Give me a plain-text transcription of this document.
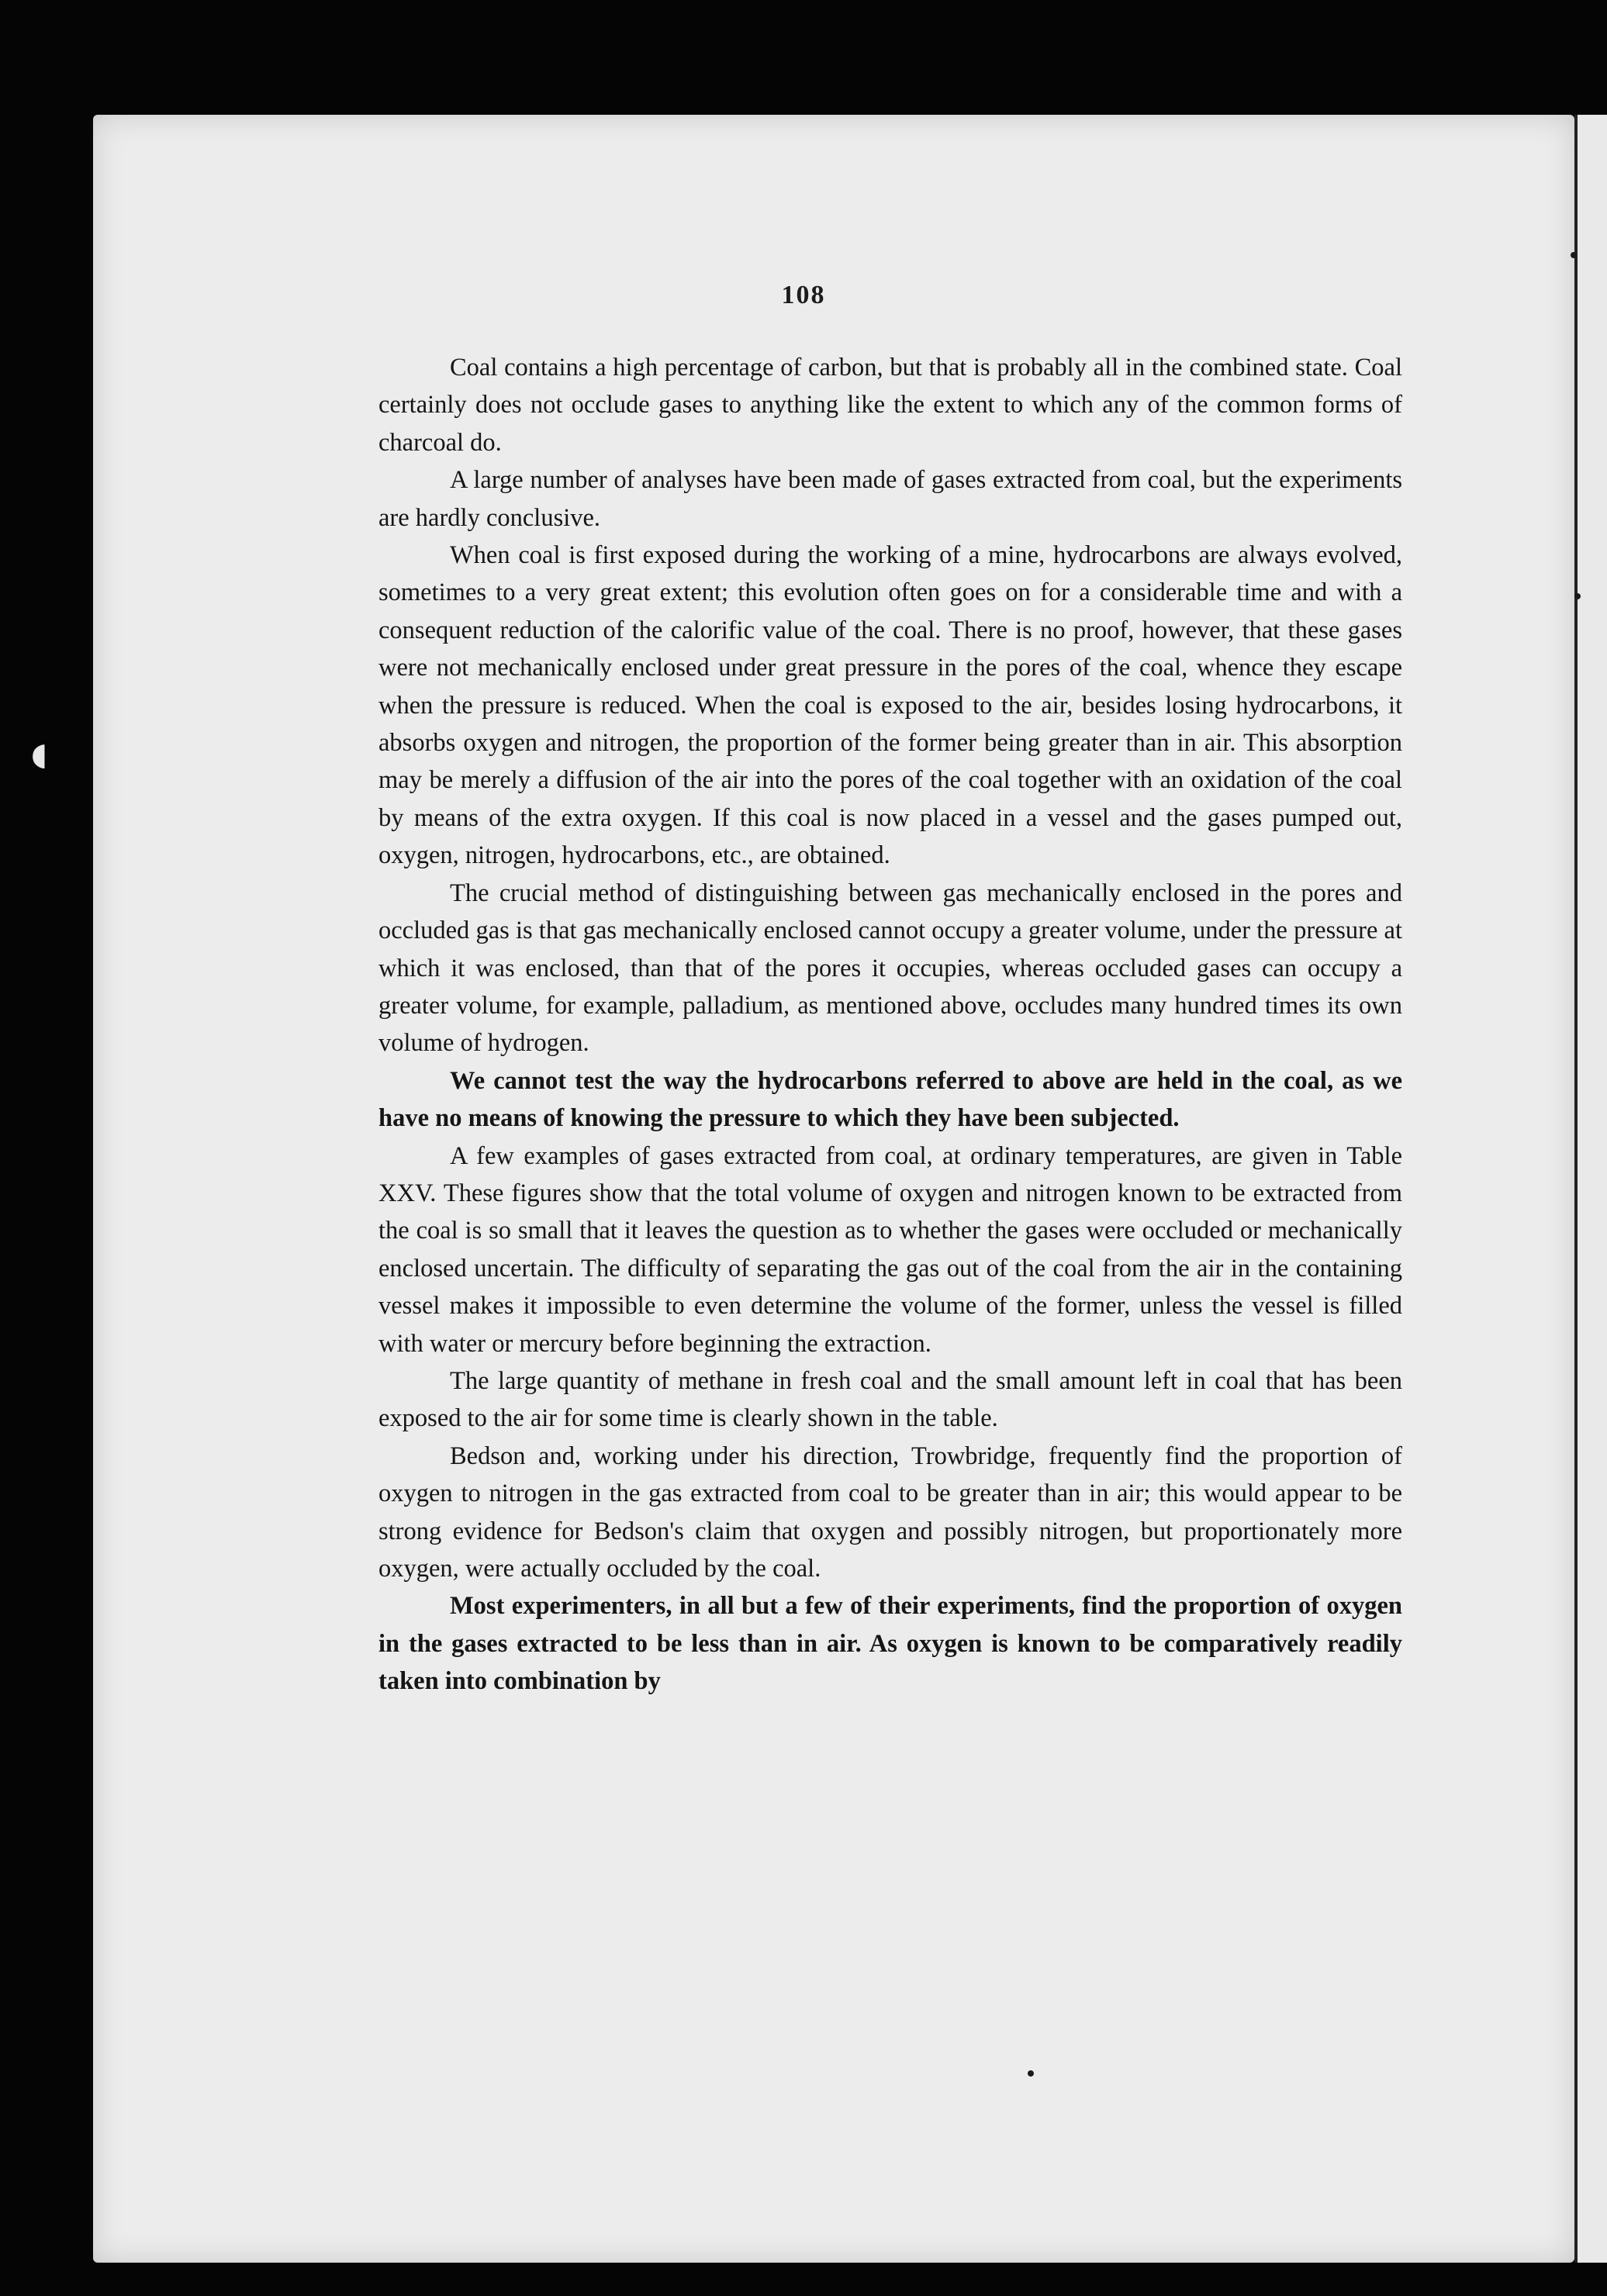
◖
108

Coal contains a high percentage of carbon, but that is probably all in the combined state. Coal certainly does not occlude gases to anything like the extent to which any of the common forms of charcoal do.

A large number of analyses have been made of gases extracted from coal, but the experiments are hardly conclusive.

When coal is first exposed during the working of a mine, hydrocarbons are always evolved, sometimes to a very great extent; this evolution often goes on for a considerable time and with a consequent reduction of the calorific value of the coal. There is no proof, however, that these gases were not mechanically enclosed under great pressure in the pores of the coal, whence they escape when the pressure is reduced. When the coal is exposed to the air, besides losing hydrocarbons, it absorbs oxygen and nitrogen, the proportion of the former being greater than in air. This absorption may be merely a diffusion of the air into the pores of the coal together with an oxidation of the coal by means of the extra oxygen. If this coal is now placed in a vessel and the gases pumped out, oxygen, nitrogen, hydrocarbons, etc., are obtained.

The crucial method of distinguishing between gas mechanically enclosed in the pores and occluded gas is that gas mechanically enclosed cannot occupy a greater volume, under the pressure at which it was enclosed, than that of the pores it occupies, whereas occluded gases can occupy a greater volume, for example, palladium, as mentioned above, occludes many hundred times its own volume of hydrogen.

We cannot test the way the hydrocarbons referred to above are held in the coal, as we have no means of knowing the pressure to which they have been subjected.

A few examples of gases extracted from coal, at ordinary temperatures, are given in Table XXV. These figures show that the total volume of oxygen and nitrogen known to be extracted from the coal is so small that it leaves the question as to whether the gases were occluded or mechanically enclosed uncertain. The difficulty of separating the gas out of the coal from the air in the containing vessel makes it impossible to even determine the volume of the former, unless the vessel is filled with water or mercury before beginning the extraction.

The large quantity of methane in fresh coal and the small amount left in coal that has been exposed to the air for some time is clearly shown in the table.

Bedson and, working under his direction, Trowbridge, frequently find the proportion of oxygen to nitrogen in the gas extracted from coal to be greater than in air; this would appear to be strong evidence for Bedson's claim that oxygen and possibly nitrogen, but proportionately more oxygen, were actually occluded by the coal.

Most experimenters, in all but a few of their experiments, find the proportion of oxygen in the gases extracted to be less than in air. As oxygen is known to be comparatively readily taken into combination by
